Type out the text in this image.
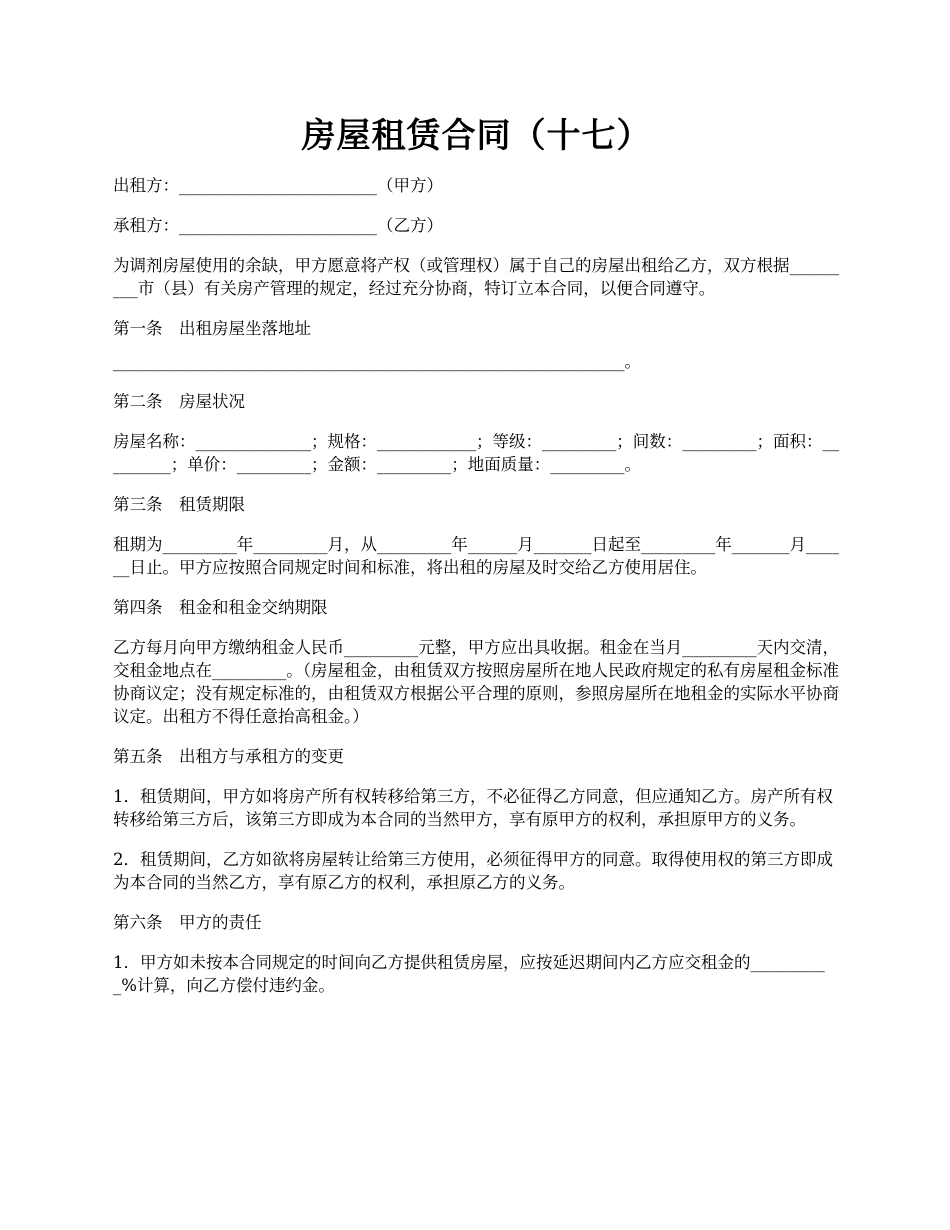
房屋租赁合同（十七）
出租方：________________________（甲方）
承租方：________________________（乙方）
为调剂房屋使用的余缺，甲方愿意将产权（或管理权）属于自己的房屋出租给乙方，双方根据_________市（县）有关房产管理的规定，经过充分协商，特订立本合同，以便合同遵守。
第一条　出租房屋坐落地址
______________________________________________________________。
第二条　房屋状况
房屋名称：______________；规格：____________；等级：_________；间数：_________；面积：_________；单价：_________；金额：_________；地面质量：_________。
第三条　租赁期限
租期为_________年_________月，从_________年______月_______日起至_________年_______月______日止。甲方应按照合同规定时间和标准，将出租的房屋及时交给乙方使用居住。
第四条　租金和租金交纳期限
乙方每月向甲方缴纳租金人民币_________元整，甲方应出具收据。租金在当月_________天内交清，交租金地点在_________。（房屋租金，由租赁双方按照房屋所在地人民政府规定的私有房屋租金标准协商议定；没有规定标准的，由租赁双方根据公平合理的原则，参照房屋所在地租金的实际水平协商议定。出租方不得任意抬高租金。）
第五条　出租方与承租方的变更
1．租赁期间，甲方如将房产所有权转移给第三方，不必征得乙方同意，但应通知乙方。房产所有权转移给第三方后，该第三方即成为本合同的当然甲方，享有原甲方的权利，承担原甲方的义务。
2．租赁期间，乙方如欲将房屋转让给第三方使用，必须征得甲方的同意。取得使用权的第三方即成为本合同的当然乙方，享有原乙方的权利，承担原乙方的义务。
第六条　甲方的责任
1．甲方如未按本合同规定的时间向乙方提供租赁房屋，应按延迟期间内乙方应交租金的__________%计算，向乙方偿付违约金。
